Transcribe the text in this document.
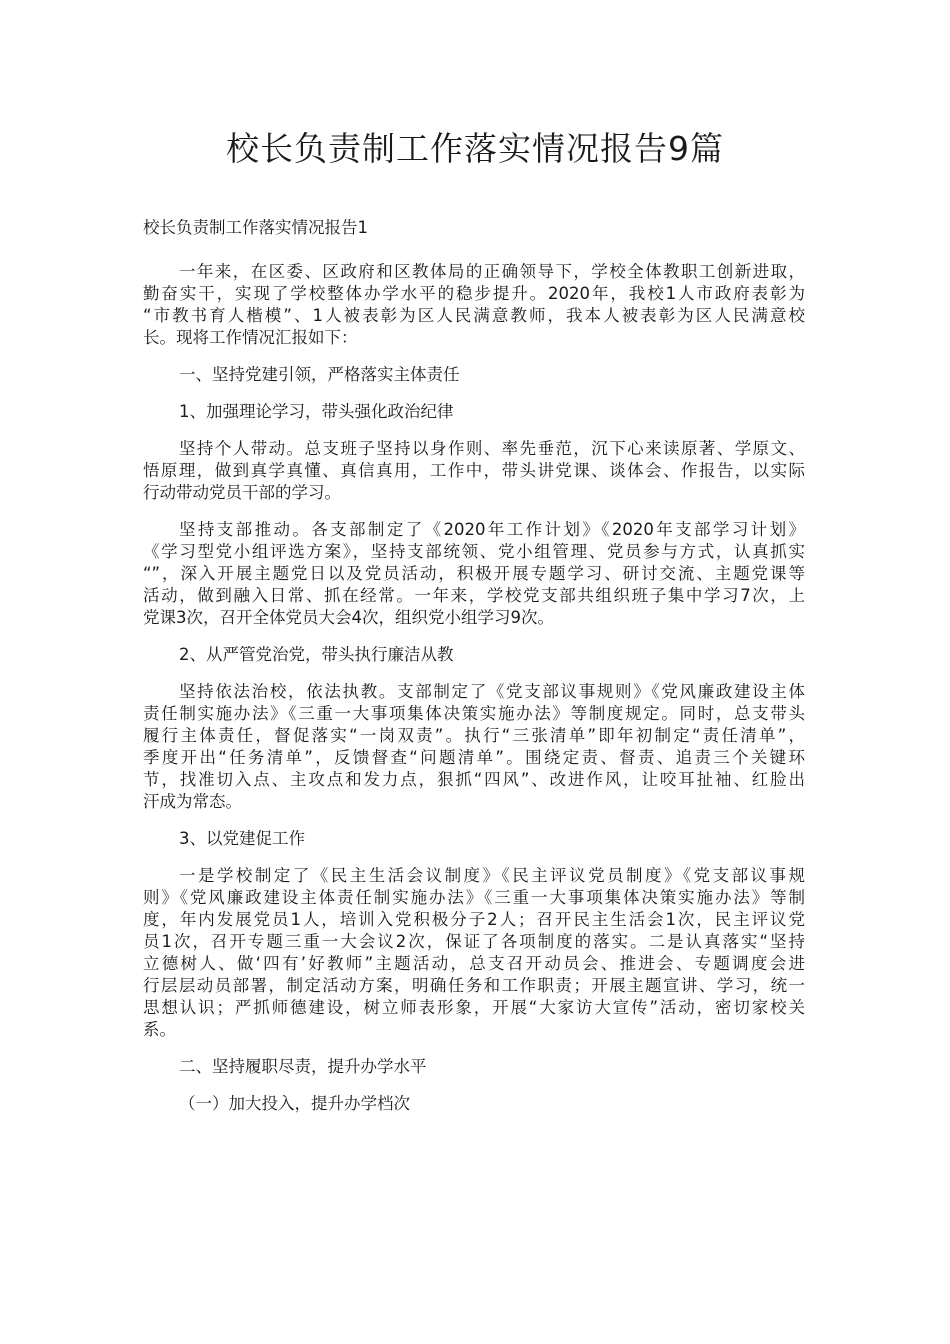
校长负责制工作落实情况报告9篇
校长负责制工作落实情况报告1
一年来，在区委、区政府和区教体局的正确领导下，学校全体教职工创新进取，
勤奋实干，实现了学校整体办学水平的稳步提升。2020年，我校1人市政府表彰为
“市教书育人楷模”、1人被表彰为区人民满意教师，我本人被表彰为区人民满意校
长。现将工作情况汇报如下：
一、坚持党建引领，严格落实主体责任
1、加强理论学习，带头强化政治纪律
坚持个人带动。总支班子坚持以身作则、率先垂范，沉下心来读原著、学原文、
悟原理，做到真学真懂、真信真用，工作中，带头讲党课、谈体会、作报告，以实际
行动带动党员干部的学习。
坚持支部推动。各支部制定了《2020年工作计划》《2020年支部学习计划》
《学习型党小组评选方案》，坚持支部统领、党小组管理、党员参与方式，认真抓实
“”，深入开展主题党日以及党员活动，积极开展专题学习、研讨交流、主题党课等
活动，做到融入日常、抓在经常。一年来，学校党支部共组织班子集中学习7次，上
党课3次，召开全体党员大会4次，组织党小组学习9次。
2、从严管党治党，带头执行廉洁从教
坚持依法治校，依法执教。支部制定了《党支部议事规则》《党风廉政建设主体
责任制实施办法》《三重一大事项集体决策实施办法》等制度规定。同时，总支带头
履行主体责任，督促落实“一岗双责”。执行“三张清单”即年初制定“责任清单”，
季度开出“任务清单”，反馈督查“问题清单”。围绕定责、督责、追责三个关键环
节，找准切入点、主攻点和发力点，狠抓“四风”、改进作风，让咬耳扯袖、红脸出
汗成为常态。
3、以党建促工作
一是学校制定了《民主生活会议制度》《民主评议党员制度》《党支部议事规
则》《党风廉政建设主体责任制实施办法》《三重一大事项集体决策实施办法》等制
度，年内发展党员1人，培训入党积极分子2人；召开民主生活会1次，民主评议党
员1次，召开专题三重一大会议2次，保证了各项制度的落实。二是认真落实“坚持
立德树人、做‘四有’好教师”主题活动，总支召开动员会、推进会、专题调度会进
行层层动员部署，制定活动方案，明确任务和工作职责；开展主题宣讲、学习，统一
思想认识；严抓师德建设，树立师表形象，开展“大家访大宣传”活动，密切家校关
系。
二、坚持履职尽责，提升办学水平
（一）加大投入，提升办学档次
